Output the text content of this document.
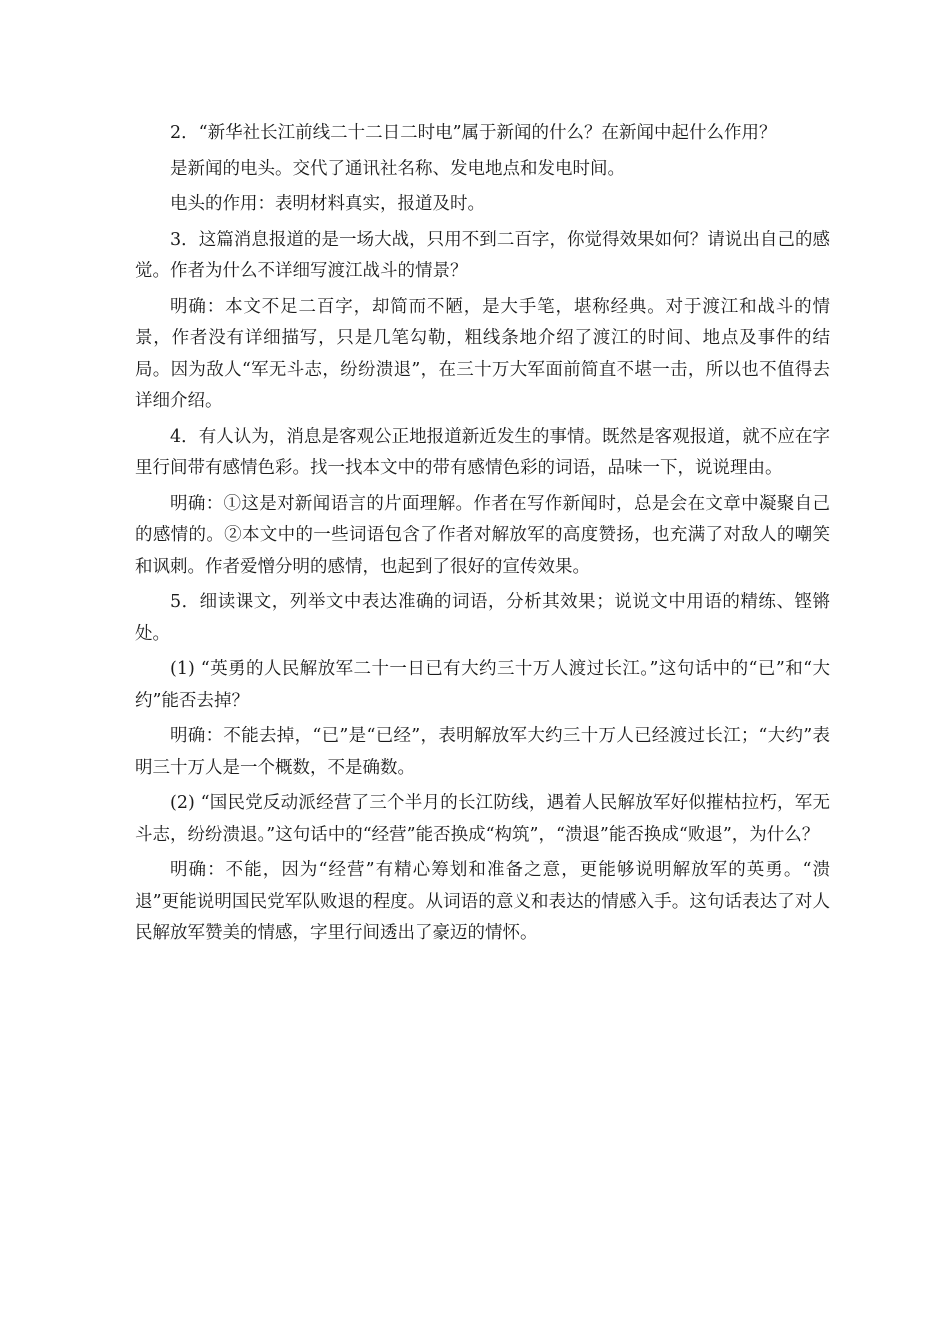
2．“新华社长江前线二十二日二时电”属于新闻的什么？在新闻中起什么作用？

是新闻的电头。交代了通讯社名称、发电地点和发电时间。

电头的作用：表明材料真实，报道及时。

3．这篇消息报道的是一场大战，只用不到二百字，你觉得效果如何？请说出自己的感觉。作者为什么不详细写渡江战斗的情景？

明确：本文不足二百字，却简而不陋，是大手笔，堪称经典。对于渡江和战斗的情景，作者没有详细描写，只是几笔勾勒，粗线条地介绍了渡江的时间、地点及事件的结局。因为敌人“军无斗志，纷纷溃退”，在三十万大军面前简直不堪一击，所以也不值得去详细介绍。

4．有人认为，消息是客观公正地报道新近发生的事情。既然是客观报道，就不应在字里行间带有感情色彩。找一找本文中的带有感情色彩的词语，品味一下，说说理由。

明确：①这是对新闻语言的片面理解。作者在写作新闻时，总是会在文章中凝聚自己的感情的。②本文中的一些词语包含了作者对解放军的高度赞扬，也充满了对敌人的嘲笑和讽刺。作者爱憎分明的感情，也起到了很好的宣传效果。

5．细读课文，列举文中表达准确的词语，分析其效果；说说文中用语的精练、铿锵处。

(1) “英勇的人民解放军二十一日已有大约三十万人渡过长江。”这句话中的“已”和“大约”能否去掉？

明确：不能去掉，“已”是“已经”，表明解放军大约三十万人已经渡过长江；“大约”表明三十万人是一个概数，不是确数。

(2) “国民党反动派经营了三个半月的长江防线，遇着人民解放军好似摧枯拉朽，军无斗志，纷纷溃退。”这句话中的“经营”能否换成“构筑”，“溃退”能否换成“败退”，为什么？

明确：不能，因为“经营”有精心筹划和准备之意，更能够说明解放军的英勇。“溃退”更能说明国民党军队败退的程度。从词语的意义和表达的情感入手。这句话表达了对人民解放军赞美的情感，字里行间透出了豪迈的情怀。
